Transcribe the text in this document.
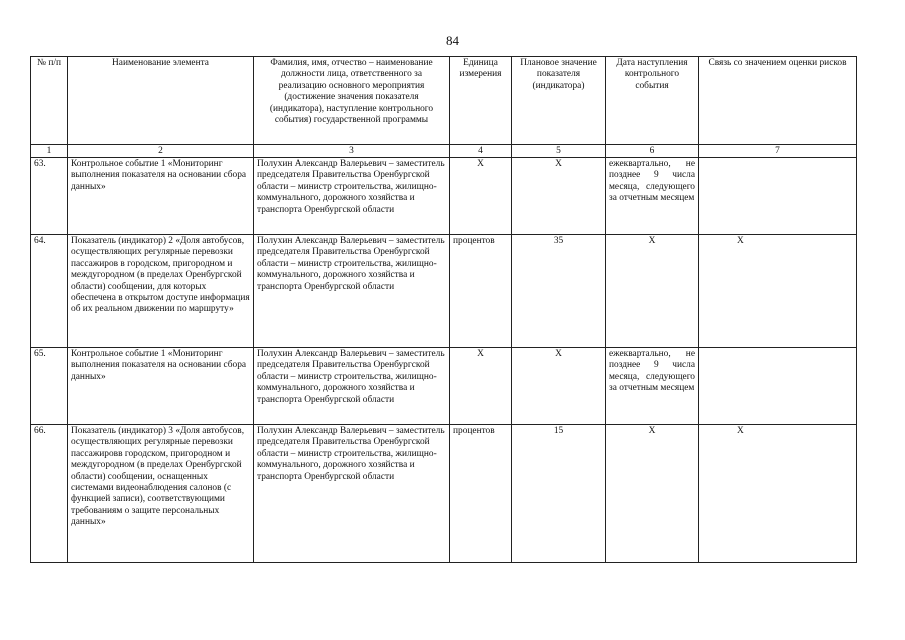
84
№ п/п	Наименование элемента	Фамилия, имя, отчество – наименование должности лица, ответственного за реализацию основного мероприятия (достижение значения показателя (индикатора), наступление контрольного события) государственной программы	Единица измерения	Плановое значение показателя (индикатора)	Дата наступления контрольного события	Связь со значением оценки рисков
1	2	3	4	5	6	7
63.	Контрольное событие 1 «Мониторинг выполнения показателя на основании сбора данных»	Полухин Александр Валерьевич – заместитель председателя Правительства Оренбургской области – министр строительства, жилищно-коммунального, дорожного хозяйства и транспорта Оренбургской области	X	X	ежеквартально, не позднее 9 числа месяца, следующего за отчетным месяцем	
64.	Показатель (индикатор) 2 «Доля автобусов, осуществляющих регулярные перевозки пассажиров в городском, пригородном и междугородном (в пределах Оренбургской области) сообщении, для которых обеспечена в открытом доступе информация об их реальном движении по маршруту»	Полухин Александр Валерьевич – заместитель председателя Правительства Оренбургской области – министр строительства, жилищно-коммунального, дорожного хозяйства и транспорта Оренбургской области	процентов	35	X	X
65.	Контрольное событие 1 «Мониторинг выполнения показателя на основании сбора данных»	Полухин Александр Валерьевич – заместитель председателя Правительства Оренбургской области – министр строительства, жилищно-коммунального, дорожного хозяйства и транспорта Оренбургской области	X	X	ежеквартально, не позднее 9 числа месяца, следующего за отчетным месяцем	
66.	Показатель (индикатор) 3 «Доля автобусов, осуществляющих регулярные перевозки пассажировв городском, пригородном и междугородном (в пределах Оренбургской области) сообщении, оснащенных системами видеонаблюдения салонов (с функцией записи), соответствующими требованиям о защите персональных данных»	Полухин Александр Валерьевич – заместитель председателя Правительства Оренбургской области – министр строительства, жилищно-коммунального, дорожного хозяйства и транспорта Оренбургской области	процентов	15	X	X
